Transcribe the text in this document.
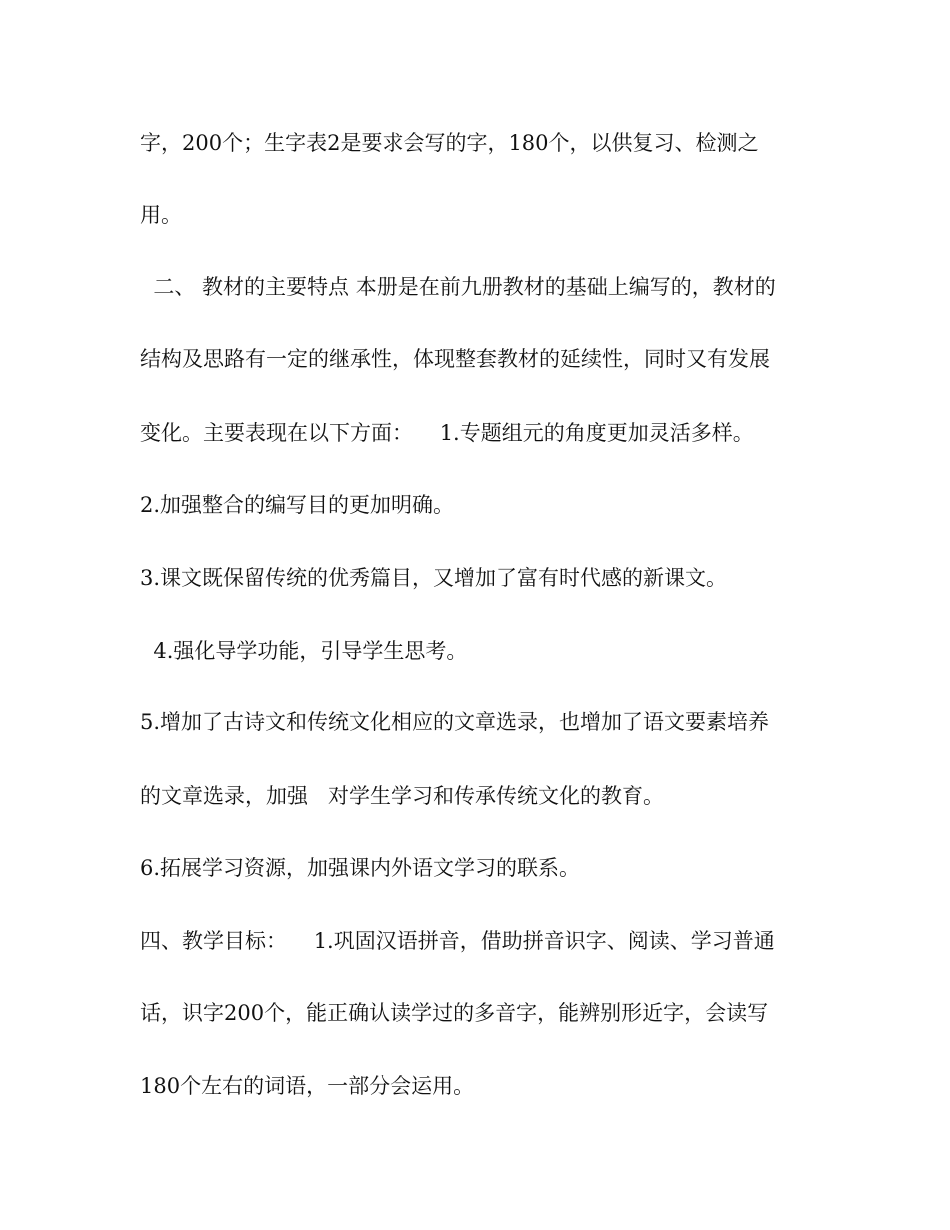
字，200个；生字表2是要求会写的字，180个，以供复习、检测之
用。
二、 教材的主要特点 本册是在前九册教材的基础上编写的，教材的
结构及思路有一定的继承性，体现整套教材的延续性，同时又有发展
变化。主要表现在以下方面：    1.专题组元的角度更加灵活多样。
2.加强整合的编写目的更加明确。
3.课文既保留传统的优秀篇目，又增加了富有时代感的新课文。
4.强化导学功能，引导学生思考。
5.增加了古诗文和传统文化相应的文章选录，也增加了语文要素培养
的文章选录，加强   对学生学习和传承传统文化的教育。
6.拓展学习资源，加强课内外语文学习的联系。
四、教学目标：    1.巩固汉语拼音，借助拼音识字、阅读、学习普通
话，识字200个，能正确认读学过的多音字，能辨别形近字，会读写
180个左右的词语，一部分会运用。
